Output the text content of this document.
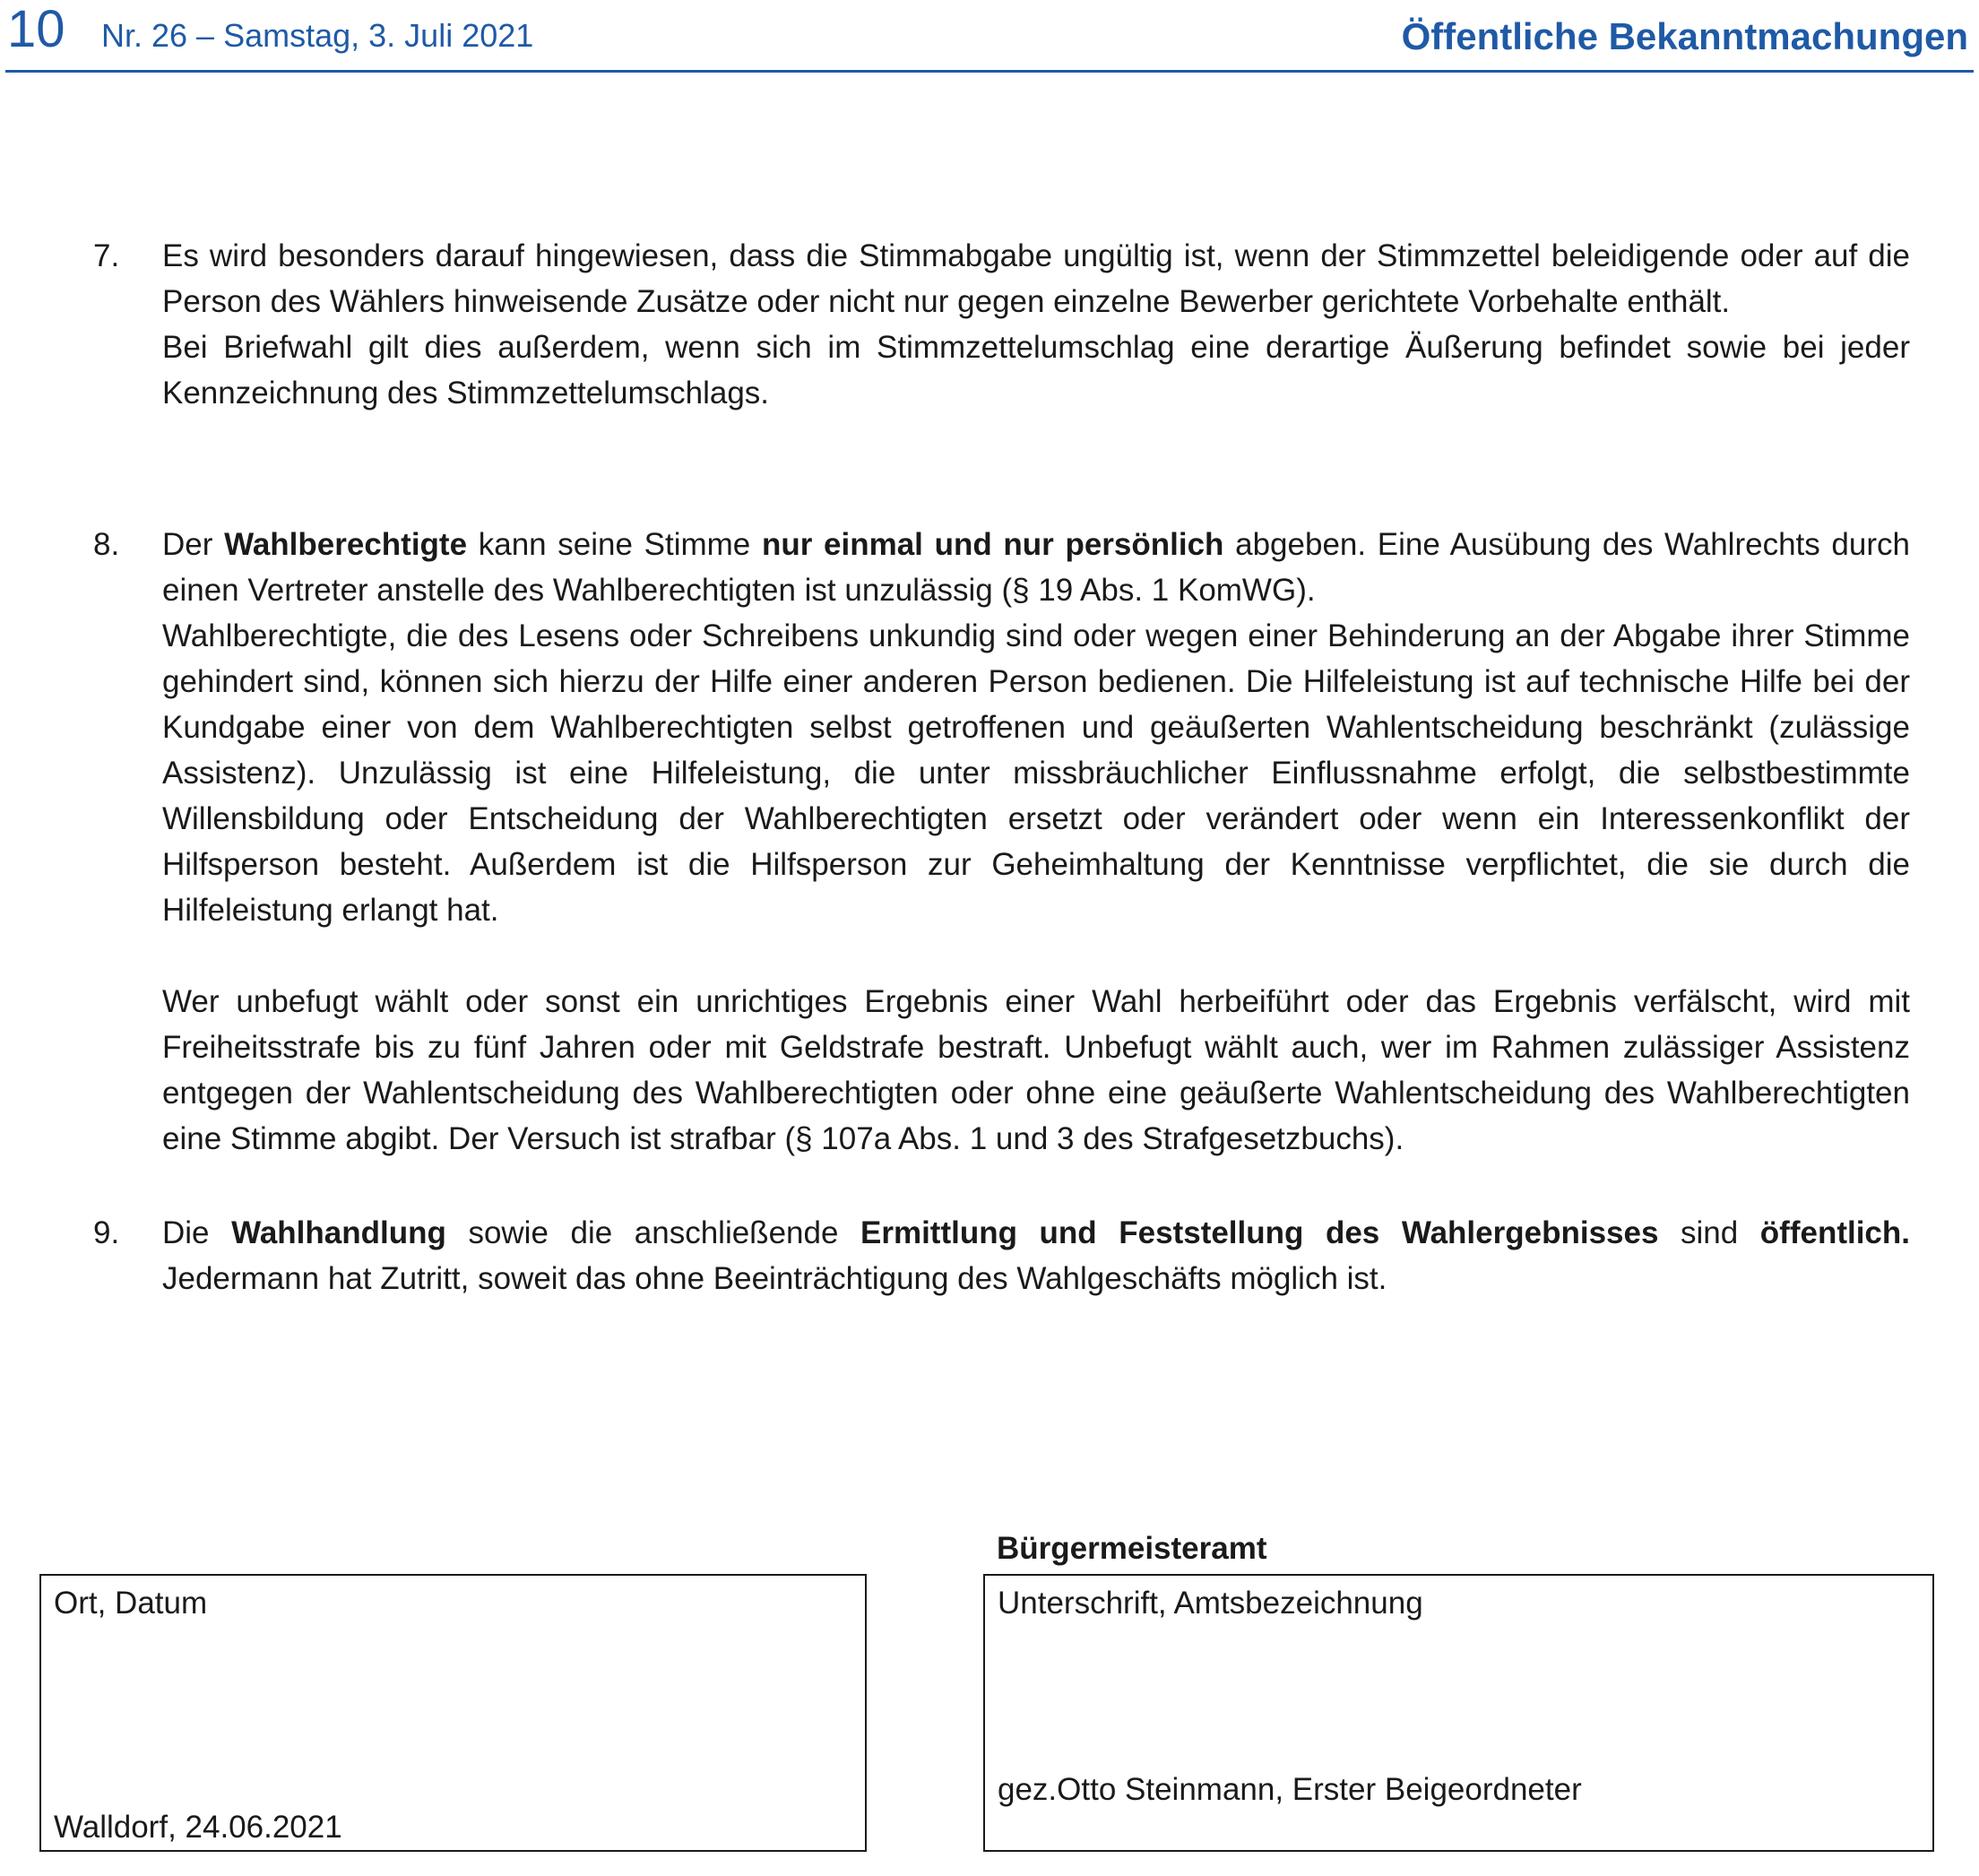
10 Nr. 26 – Samstag, 3. Juli 2021	Öffentliche Bekanntmachungen
7. Es wird besonders darauf hingewiesen, dass die Stimmabgabe ungültig ist, wenn der Stimmzettel beleidigende oder auf die Person des Wählers hinweisende Zusätze oder nicht nur gegen einzelne Bewerber gerichtete Vorbehalte enthält.

Bei Briefwahl gilt dies außerdem, wenn sich im Stimmzettelumschlag eine derartige Äußerung befindet sowie bei jeder Kennzeichnung des Stimmzettelumschlags.

8. Der Wahlberechtigte kann seine Stimme nur einmal und nur persönlich abgeben. Eine Ausübung des Wahlrechts durch einen Vertreter anstelle des Wahlberechtigten ist unzulässig (§ 19 Abs. 1 KomWG).

Wahlberechtigte, die des Lesens oder Schreibens unkundig sind oder wegen einer Behinderung an der Abgabe ihrer Stimme gehindert sind, können sich hierzu der Hilfe einer anderen Person bedienen. Die Hilfeleistung ist auf technische Hilfe bei der Kundgabe einer von dem Wahlberechtigten selbst getroffenen und geäußerten Wahlentscheidung beschränkt (zulässige Assistenz). Unzulässig ist eine Hilfeleistung, die unter missbräuchlicher Einflussnahme erfolgt, die selbstbestimmte Willensbildung oder Entscheidung der Wahlberechtigten ersetzt oder verändert oder wenn ein Interessenkonflikt der Hilfsperson besteht. Außerdem ist die Hilfsperson zur Geheimhaltung der Kenntnisse verpflichtet, die sie durch die Hilfeleistung erlangt hat.

Wer unbefugt wählt oder sonst ein unrichtiges Ergebnis einer Wahl herbeiführt oder das Ergebnis verfälscht, wird mit Freiheitsstrafe bis zu fünf Jahren oder mit Geldstrafe bestraft. Unbefugt wählt auch, wer im Rahmen zulässiger Assistenz entgegen der Wahlentscheidung des Wahlberechtigten oder ohne eine geäußerte Wahlentscheidung des Wahlberechtigten eine Stimme abgibt. Der Versuch ist strafbar (§ 107a Abs. 1 und 3 des Strafgesetzbuchs).

9. Die Wahlhandlung sowie die anschließende Ermittlung und Feststellung des Wahlergebnisses sind öffentlich. Jedermann hat Zutritt, soweit das ohne Beeinträchtigung des Wahlgeschäfts möglich ist.

Bürgermeisteramt
Ort, Datum
Walldorf, 24.06.2021
Unterschrift, Amtsbezeichnung
gez.Otto Steinmann, Erster Beigeordneter
